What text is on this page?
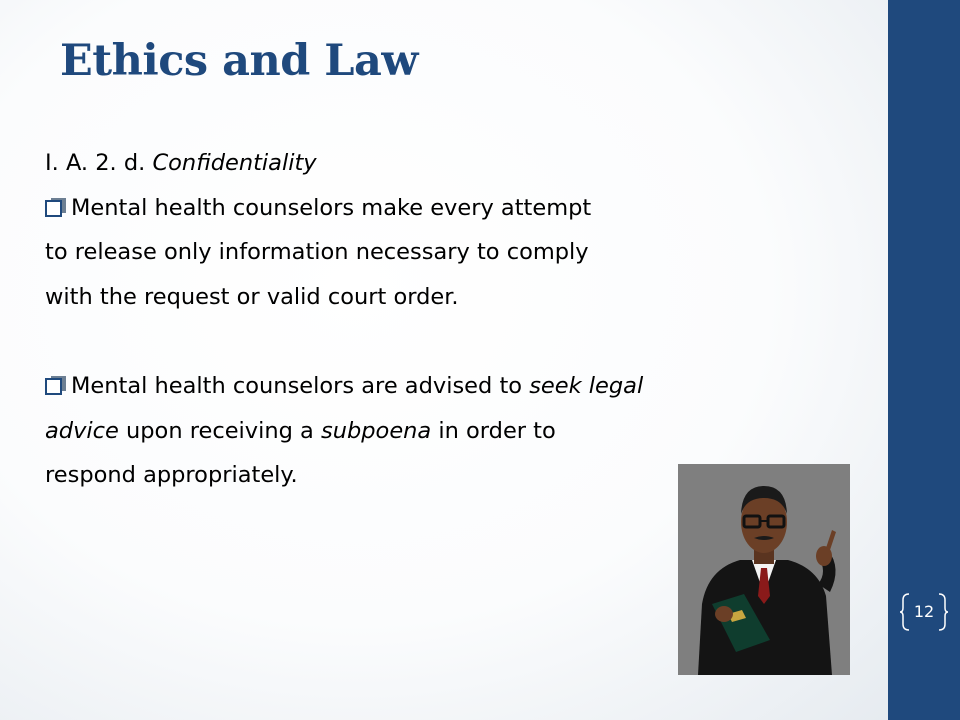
Ethics and Law
I. A. 2. d. Confidentiality
Mental health counselors make every attempt
to release only information necessary to comply
with the request or valid court order.
Mental health counselors are advised to seek legal
advice upon receiving a subpoena in order to
respond appropriately.
12
